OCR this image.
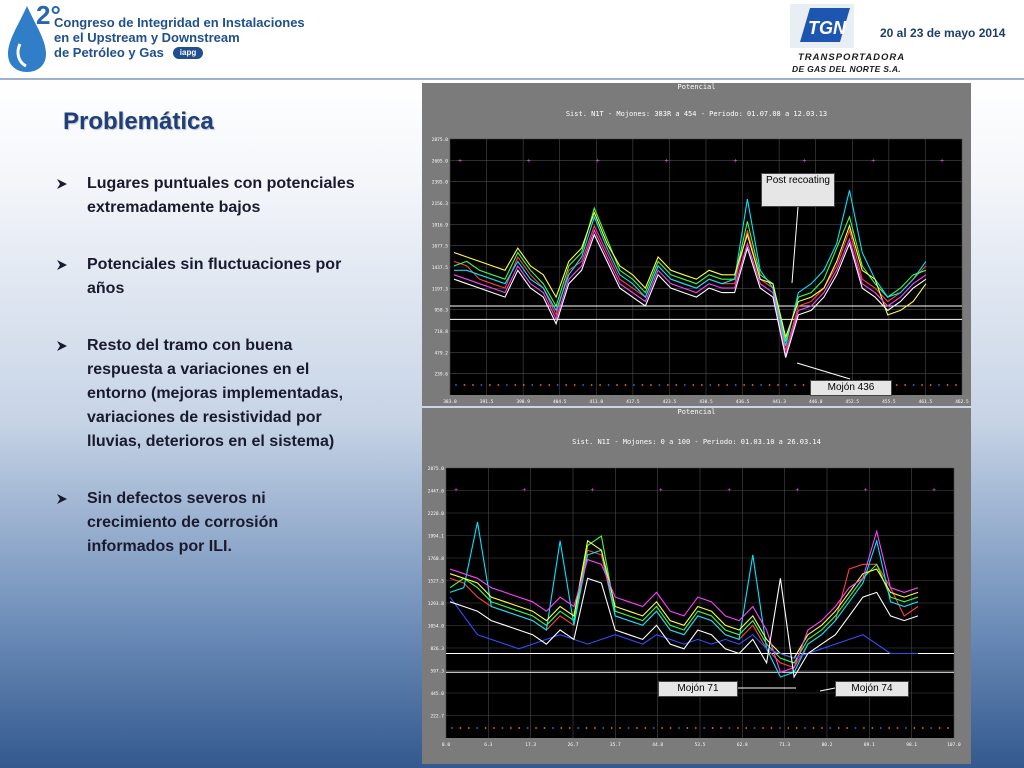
2°
Congreso de Integridad en Instalaciones
en el Upstream y Downstream
de Petróleo y Gas	iapg
TGN
TRANSPORTADORA
DE GAS DEL NORTE S.A.
20 al 23 de mayo 2014
Problemática
Lugares puntuales con potenciales extremadamente bajos
Potenciales sin fluctuaciones por años
Resto del tramo con buena respuesta a variaciones en el entorno (mejoras implementadas, variaciones de resistividad por lluvias, deterioros en el sistema)
Sin defectos severos ni crecimiento de corrosión informados por ILI.
Potencial
Sist. N1T - Mojones: 383R a 454 - Periodo: 01.07.08 a 12.03.13
2875.0
2605.0
2395.0
2156.3
1916.9
1677.5
1437.5
1197.3
958.3
718.8
479.2
239.6
383.0	391.5	398.9	404.5	411.0	417.5	423.5	430.5	436.5	441.3	446.0	452.5	455.5	461.5	462.5
+	+	+	+	+	+	+	+
Post recoating
Mojón 436
Potencial
Sist. N1I - Mojones: 0 a 100 - Periodo: 01.03.10 a 26.03.14
2875.0
2447.0
2228.0
1994.1
1760.8
1527.5
1293.8
1054.0
826.3
597.3
445.0
222.7
0.0	6.3	17.3	26.7	35.7	44.8	53.5	62.8	71.3	80.2	89.1	98.1	107.0
+	+	+	+	+	+	+	+
Mojón 71	Mojón 74
